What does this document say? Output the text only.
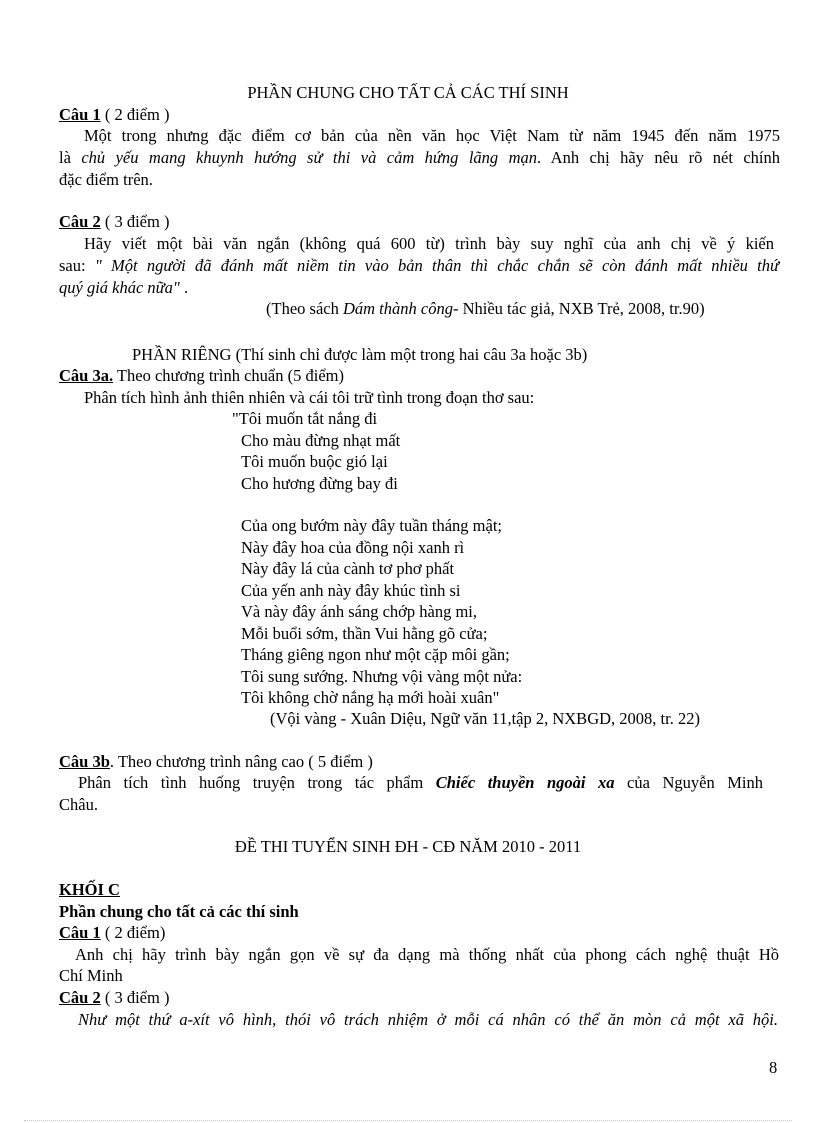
PHẦN CHUNG CHO TẤT CẢ CÁC THÍ SINH
Câu 1 ( 2 điểm )
Một trong nhưng đặc điểm cơ bản của nền văn học Việt Nam từ năm 1945 đến năm 1975
là chủ yếu mang khuynh hướng sử thi và cảm hứng lãng mạn. Anh chị hãy nêu rõ nét chính
đặc điểm trên.
Câu 2 ( 3 điểm )
Hãy viết một bài văn ngắn (không quá 600 từ) trình bày suy nghĩ của anh chị về ý kiến
sau: " Một người đã đánh mất niềm tin vào bản thân thì chắc chắn sẽ còn đánh mất nhiều thứ
quý giá khác nữa" .
(Theo sách Dám thành công- Nhiều tác giả, NXB Trẻ, 2008, tr.90)
PHẦN RIÊNG (Thí sinh chỉ được làm một trong hai câu 3a hoặc 3b)
Câu 3a. Theo chương trình chuẩn (5 điểm)
Phân tích hình ảnh thiên nhiên và cái tôi trữ tình trong đoạn thơ sau:
"Tôi muốn tắt nắng đi
Cho màu đừng nhạt mất
Tôi muốn buộc gió lại
Cho hương đừng bay đi
Của ong bướm này đây tuần tháng mật;
Này đây hoa của đồng nội xanh rì
Này đây lá của cành tơ phơ phất
Của yến anh này đây khúc tình si
Và này đây ánh sáng chớp hàng mi,
Mỗi buổi sớm, thần Vui hằng gõ cửa;
Tháng giêng ngon như một cặp môi gần;
Tôi sung sướng. Nhưng vội vàng một nửa:
Tôi không chờ nắng hạ mới hoài xuân"
(Vội vàng - Xuân Diệu, Ngữ văn 11,tập 2, NXBGD, 2008, tr. 22)
Câu 3b. Theo chương trình nâng cao ( 5 điểm )
Phân tích tình huống truyện trong tác phẩm Chiếc thuyền ngoài xa của Nguyễn Minh
Châu.
ĐỀ THI TUYỂN SINH ĐH - CĐ NĂM 2010 - 2011
KHỐI C
Phần chung cho tất cả các thí sinh
Câu 1 ( 2 điểm)
Anh chị hãy trình bày ngắn gọn về sự đa dạng mà thống nhất của phong cách nghệ thuật Hồ
Chí Minh
Câu 2 ( 3 điểm )
Như một thứ a-xít vô hình, thói vô trách nhiệm ở mỗi cá nhân có thể ăn mòn cả một xã hội.
8
